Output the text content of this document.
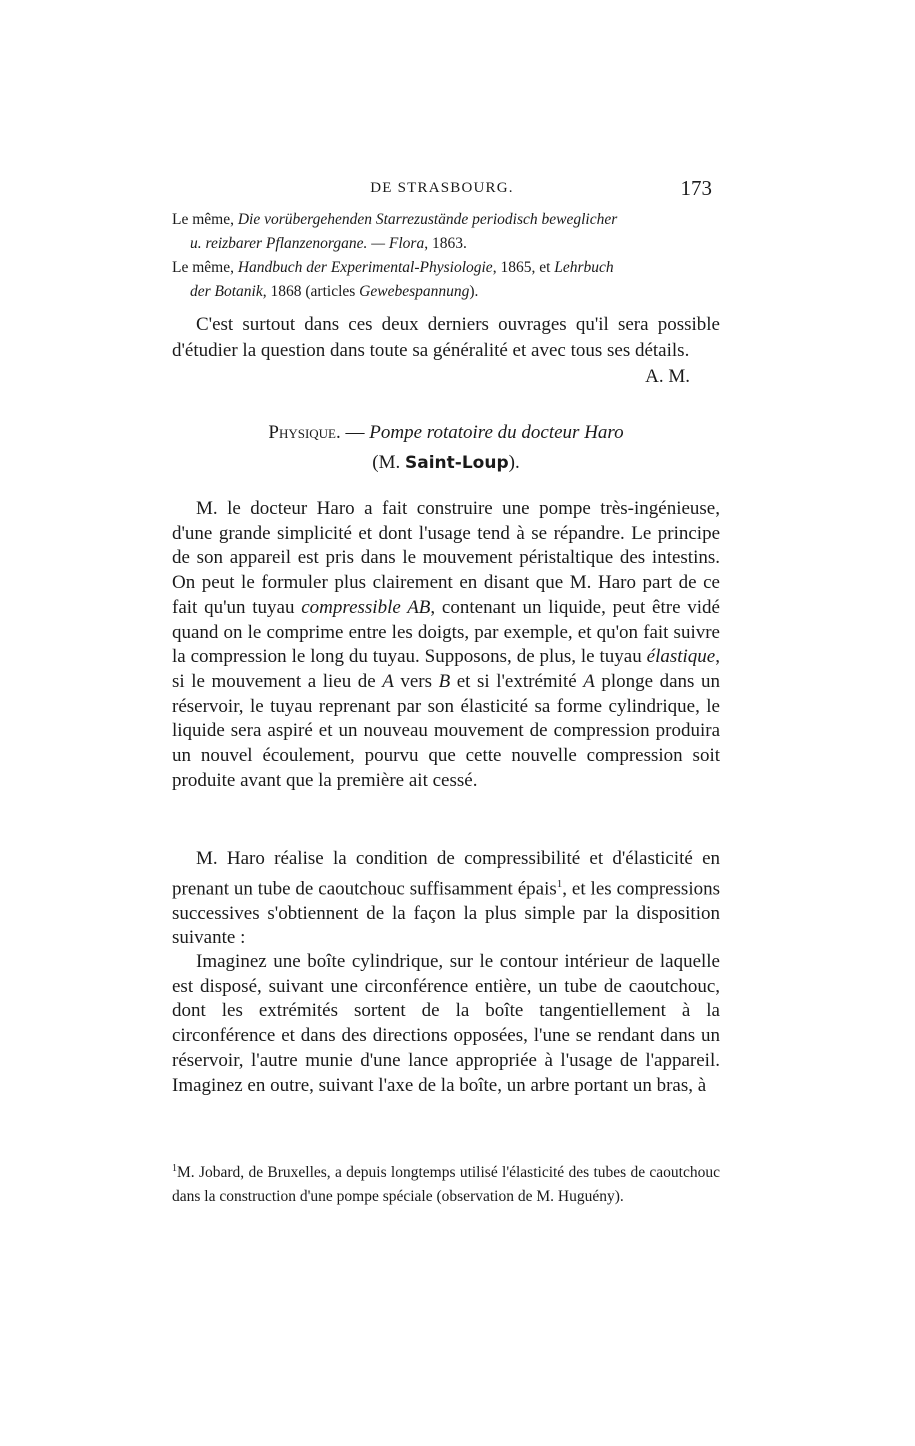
DE STRASBOURG.	173

Le même, Die vorübergehenden Starrezustände periodisch beweglicher
u. reizbarer Pflanzenorgane. — Flora, 1863.

Le même, Handbuch der Experimental-Physiologie, 1865, et Lehrbuch
der Botanik, 1868 (articles Gewebespannung).

C'est surtout dans ces deux derniers ouvrages qu'il sera possible d'étudier la question dans toute sa généralité et avec tous ses détails.
A. M.

Physique. — Pompe rotatoire du docteur Haro
(M. Saint-Loup).

M. le docteur Haro a fait construire une pompe très-ingénieuse, d'une grande simplicité et dont l'usage tend à se répandre. Le principe de son appareil est pris dans le mouvement péristaltique des intestins. On peut le formuler plus clairement en disant que M. Haro part de ce fait qu'un tuyau compressible AB, contenant un liquide, peut être vidé quand on le comprime entre les doigts, par exemple, et qu'on fait suivre la compression le long du tuyau. Supposons, de plus, le tuyau élastique, si le mouvement a lieu de A vers B et si l'extrémité A plonge dans un réservoir, le tuyau reprenant par son élasticité sa forme cylindrique, le liquide sera aspiré et un nouveau mouvement de compression produira un nouvel écoulement, pourvu que cette nouvelle compression soit produite avant que la première ait cessé.

M. Haro réalise la condition de compressibilité et d'élasticité en prenant un tube de caoutchouc suffisamment épais$^1$, et les compressions successives s'obtiennent de la façon la plus simple par la disposition suivante :

Imaginez une boîte cylindrique, sur le contour intérieur de laquelle est disposé, suivant une circonférence entière, un tube de caoutchouc, dont les extrémités sortent de la boîte tangentiellement à la circonférence et dans des directions opposées, l'une se rendant dans un réservoir, l'autre munie d'une lance appropriée à l'usage de l'appareil. Imaginez en outre, suivant l'axe de la boîte, un arbre portant un bras, à

$^1$M. Jobard, de Bruxelles, a depuis longtemps utilisé l'élasticité des tubes de caoutchouc dans la construction d'une pompe spéciale (observation de M. Huguény).
